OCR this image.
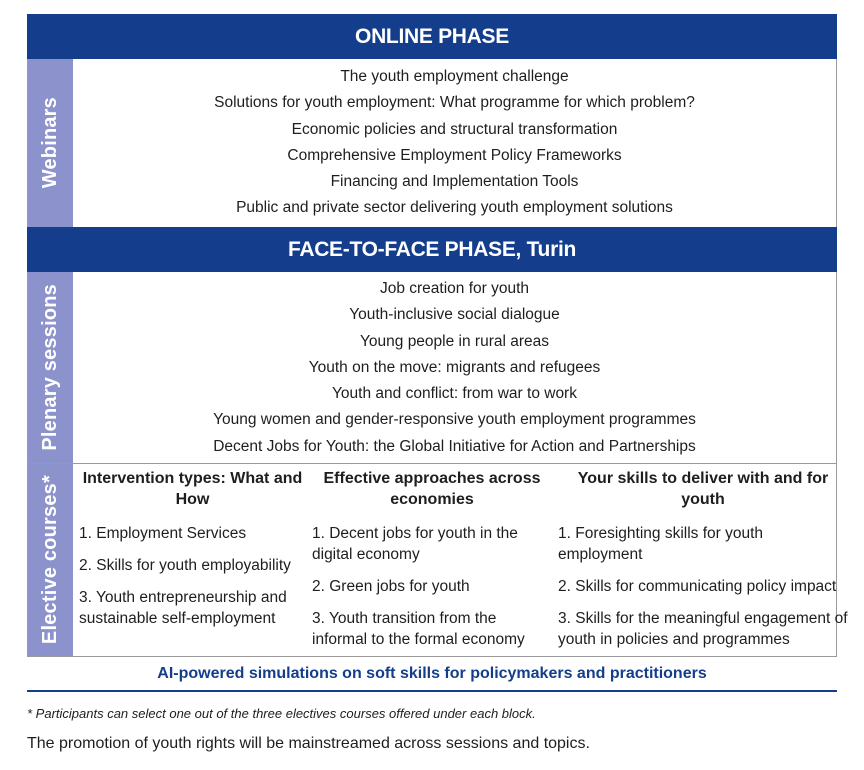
ONLINE PHASE
Webinars
The youth employment challenge
Solutions for youth employment: What programme for which problem?
Economic policies and structural transformation
Comprehensive Employment Policy Frameworks
Financing and Implementation Tools
Public and private sector delivering youth employment solutions
FACE-TO-FACE PHASE, Turin
Plenary sessions	Job creation for youth
Youth-inclusive social dialogue
Young people in rural areas
Youth on the move: migrants and refugees
Youth and conflict: from war to work
Young women and gender-responsive youth employment programmes
Decent Jobs for Youth: the Global Initiative for Action and Partnerships
Elective courses* Intervention types: What and How
1. Employment Services
2. Skills for youth employability
3. Youth entrepreneurship and sustainable self-employment
Effective approaches across economies
1. Decent jobs for youth in the digital economy
2. Green jobs for youth
3. Youth transition from the informal to the formal economy
Your skills to deliver with and for youth
1. Foresighting skills for youth employment
2. Skills for communicating policy impact
3. Skills for the meaningful engagement of youth in policies and programmes
AI-powered simulations on soft skills for policymakers and practitioners
* Participants can select one out of the three electives courses offered under each block.
The promotion of youth rights will be mainstreamed across sessions and topics.
